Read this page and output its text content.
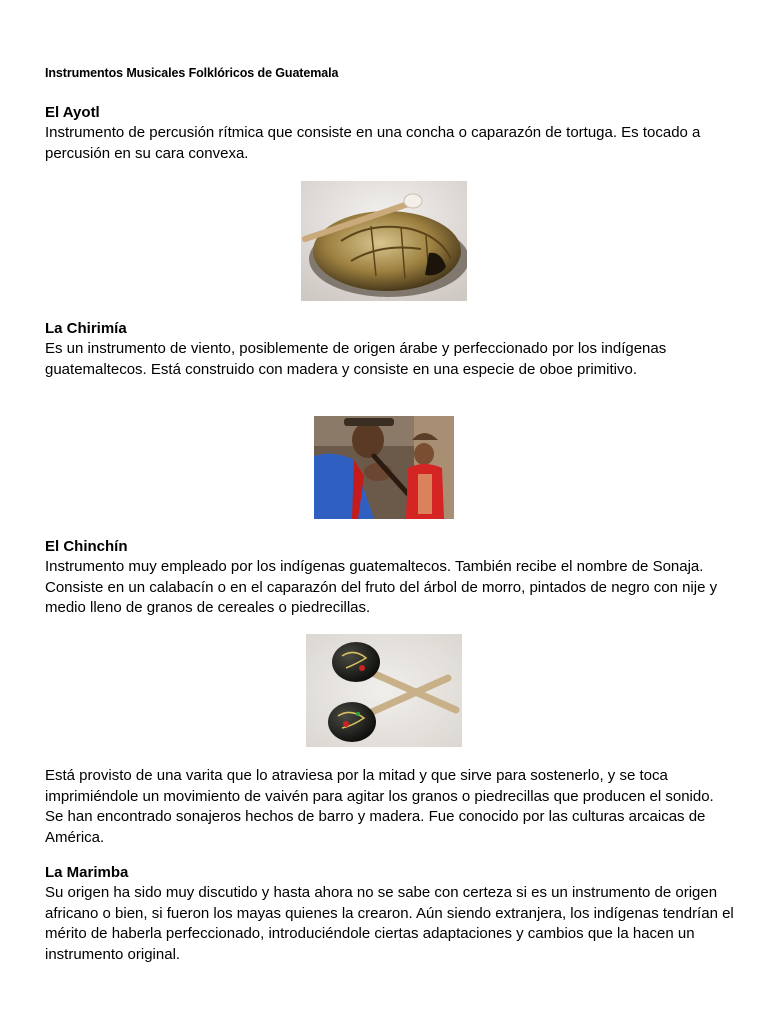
Instrumentos Musicales Folklóricos de Guatemala
El Ayotl

Instrumento de percusión rítmica que consiste en una concha o caparazón de tortuga. Es tocado a percusión en su cara convexa.

La Chirimía

Es un instrumento de viento, posiblemente de origen árabe y perfeccionado por los indígenas guatemaltecos. Está construido con madera y consiste en una especie de oboe primitivo.

El Chinchín

Instrumento muy empleado por los indígenas guatemaltecos. También recibe el nombre de Sonaja. Consiste en un calabacín o en el caparazón del fruto del árbol de morro, pintados de negro con nije y medio lleno de granos de cereales o piedrecillas.

Está provisto de una varita que lo atraviesa por la mitad y que sirve para sostenerlo, y se toca imprimiéndole un movimiento de vaivén para agitar los granos o piedrecillas que producen el sonido. Se han encontrado sonajeros hechos de barro y madera. Fue conocido por las culturas arcaicas de América.

La Marimba

Su origen ha sido muy discutido y hasta ahora no se sabe con certeza si es un instrumento de origen africano o bien, si fueron los mayas quienes la crearon. Aún siendo extranjera, los indígenas tendrían el mérito de haberla perfeccionado, introduciéndole ciertas adaptaciones y cambios que la hacen un instrumento original.
